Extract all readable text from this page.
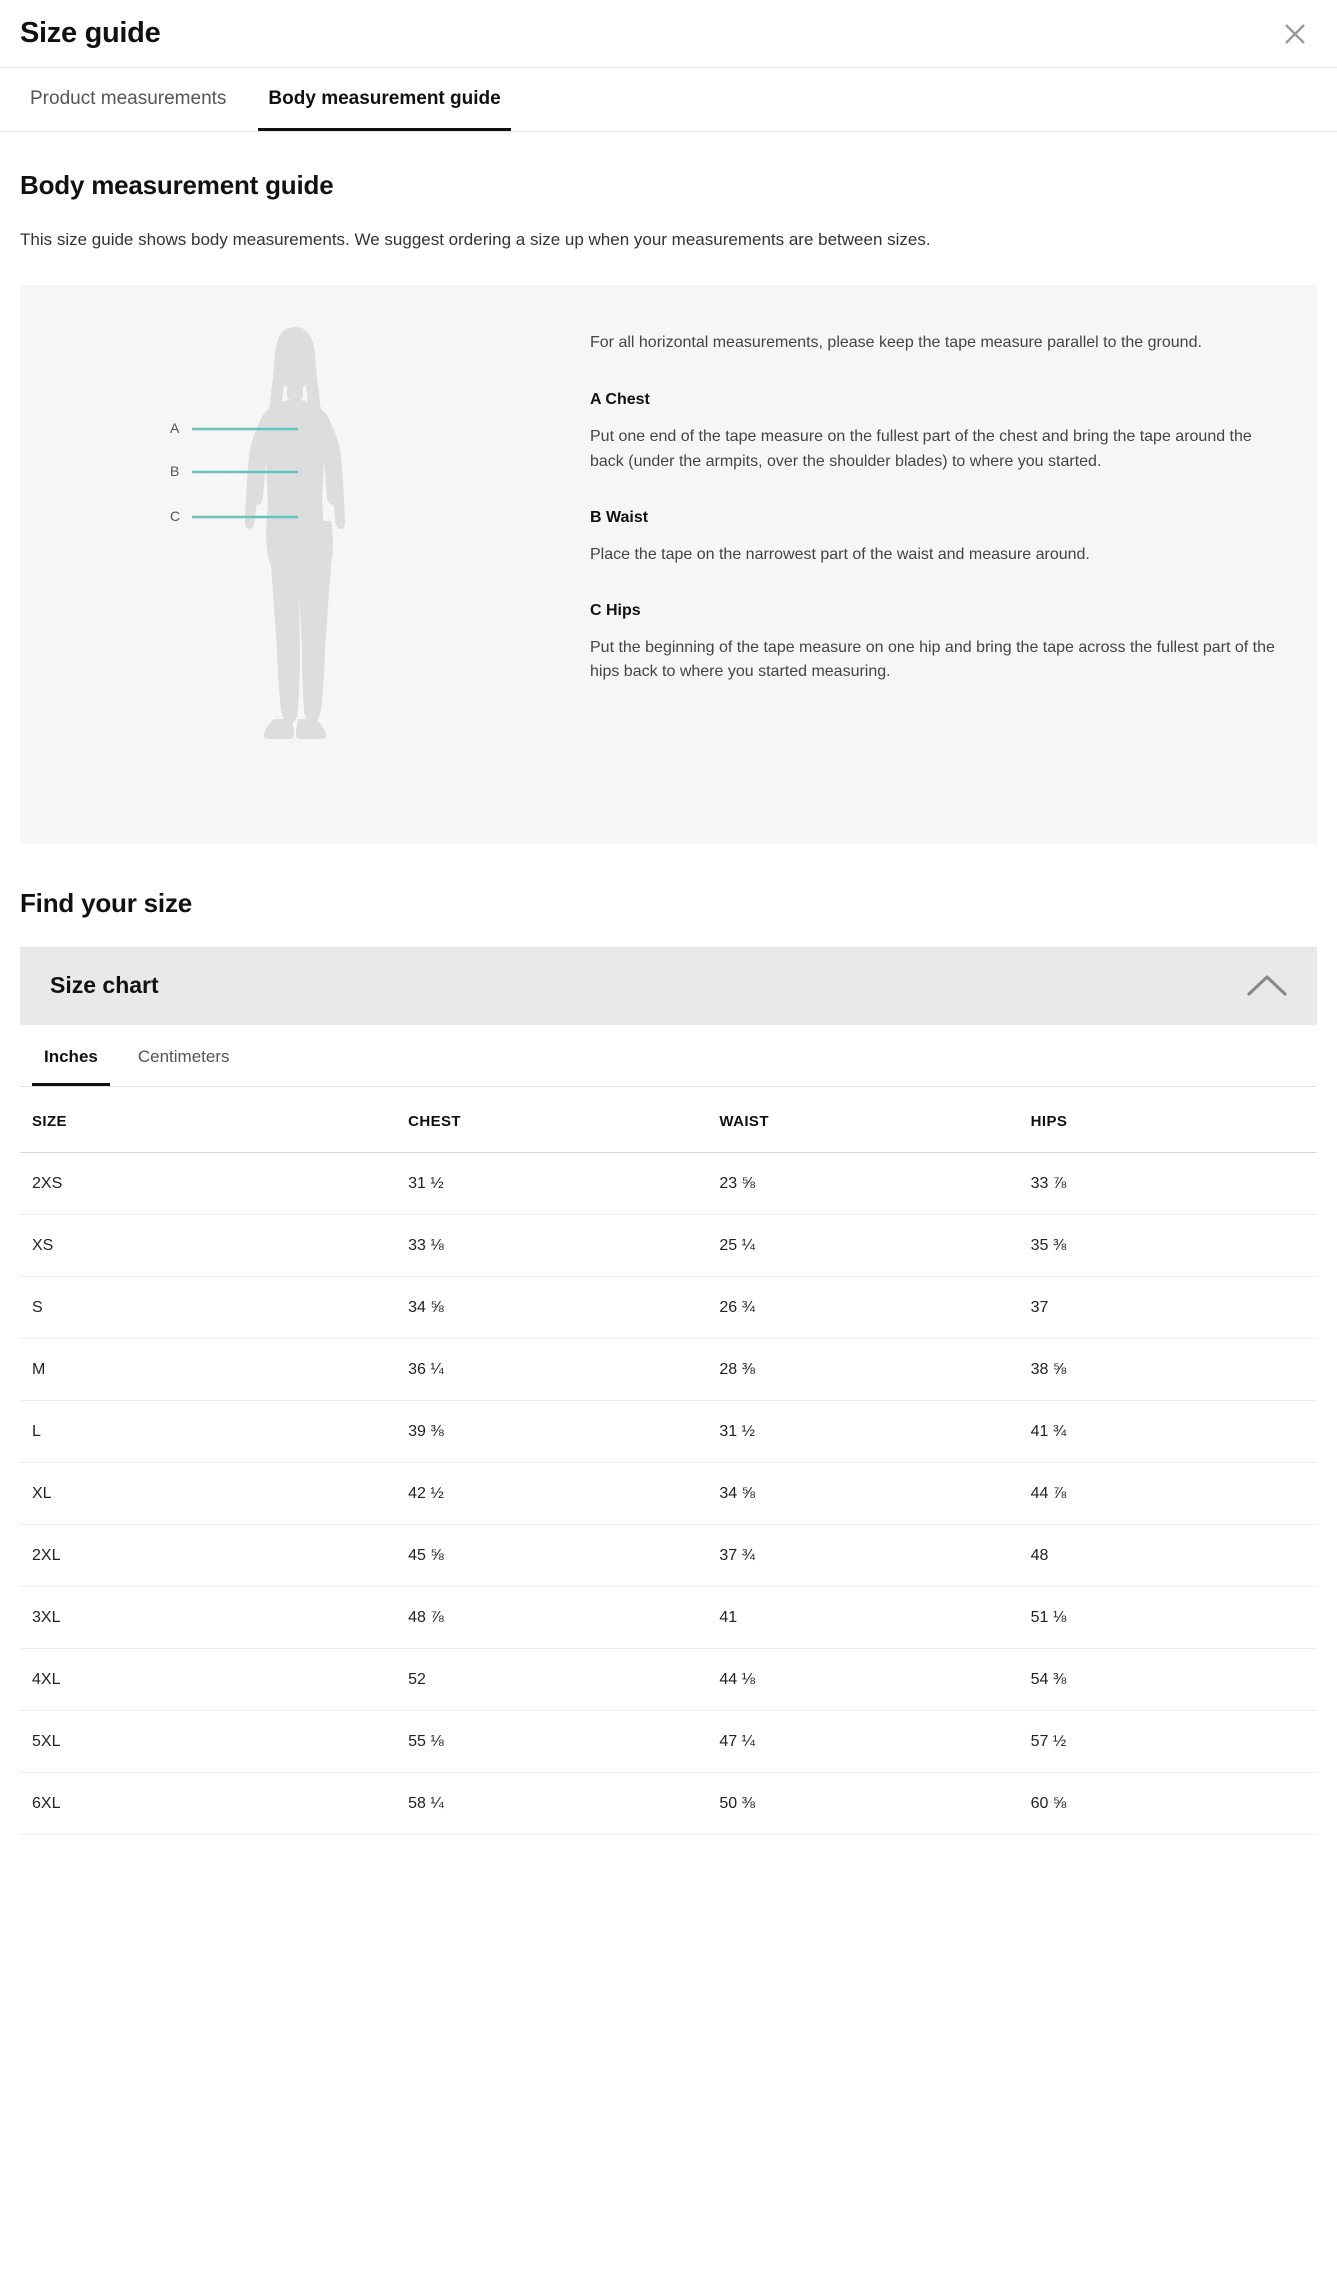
Size guide
Product measurements	Body measurement guide
Body measurement guide

This size guide shows body measurements. We suggest ordering a size up when your measurements are between sizes.

A
B
C

For all horizontal measurements, please keep the tape measure parallel to the ground.

A Chest

Put one end of the tape measure on the fullest part of the chest and bring the tape around the back (under the armpits, over the shoulder blades) to where you started.

B Waist

Place the tape on the narrowest part of the waist and measure around.

C Hips

Put the beginning of the tape measure on one hip and bring the tape across the fullest part of the hips back to where you started measuring.

Find your size
Size chart
Inches	Centimeters
SIZE	CHEST	WAIST	HIPS
2XS	31 ½	23 ⅝	33 ⅞
XS	33 ⅛	25 ¼	35 ⅜
S	34 ⅝	26 ¾	37
M	36 ¼	28 ⅜	38 ⅝
L	39 ⅜	31 ½	41 ¾
XL	42 ½	34 ⅝	44 ⅞
2XL	45 ⅝	37 ¾	48
3XL	48 ⅞	41	51 ⅛
4XL	52	44 ⅛	54 ⅜
5XL	55 ⅛	47 ¼	57 ½
6XL	58 ¼	50 ⅜	60 ⅝
